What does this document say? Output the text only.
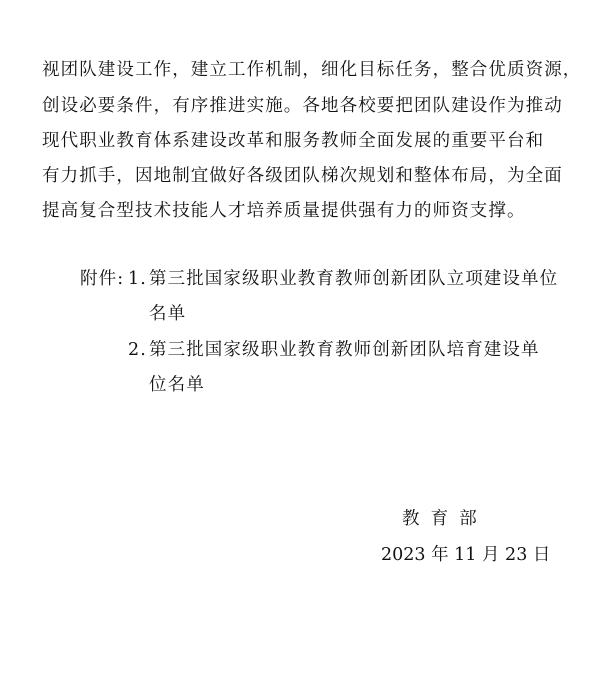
视团队建设工作，建立工作机制，细化目标任务，整合优质资源，
创设必要条件，有序推进实施。各地各校要把团队建设作为推动
现代职业教育体系建设改革和服务教师全面发展的重要平台和
有力抓手，因地制宜做好各级团队梯次规划和整体布局，为全面
提高复合型技术技能人才培养质量提供强有力的师资支撑。
附件: 1. 第三批国家级职业教育教师创新团队立项建设单位
名单
2. 第三批国家级职业教育教师创新团队培育建设单
位名单
教  育  部
2023 年 11 月 23 日
